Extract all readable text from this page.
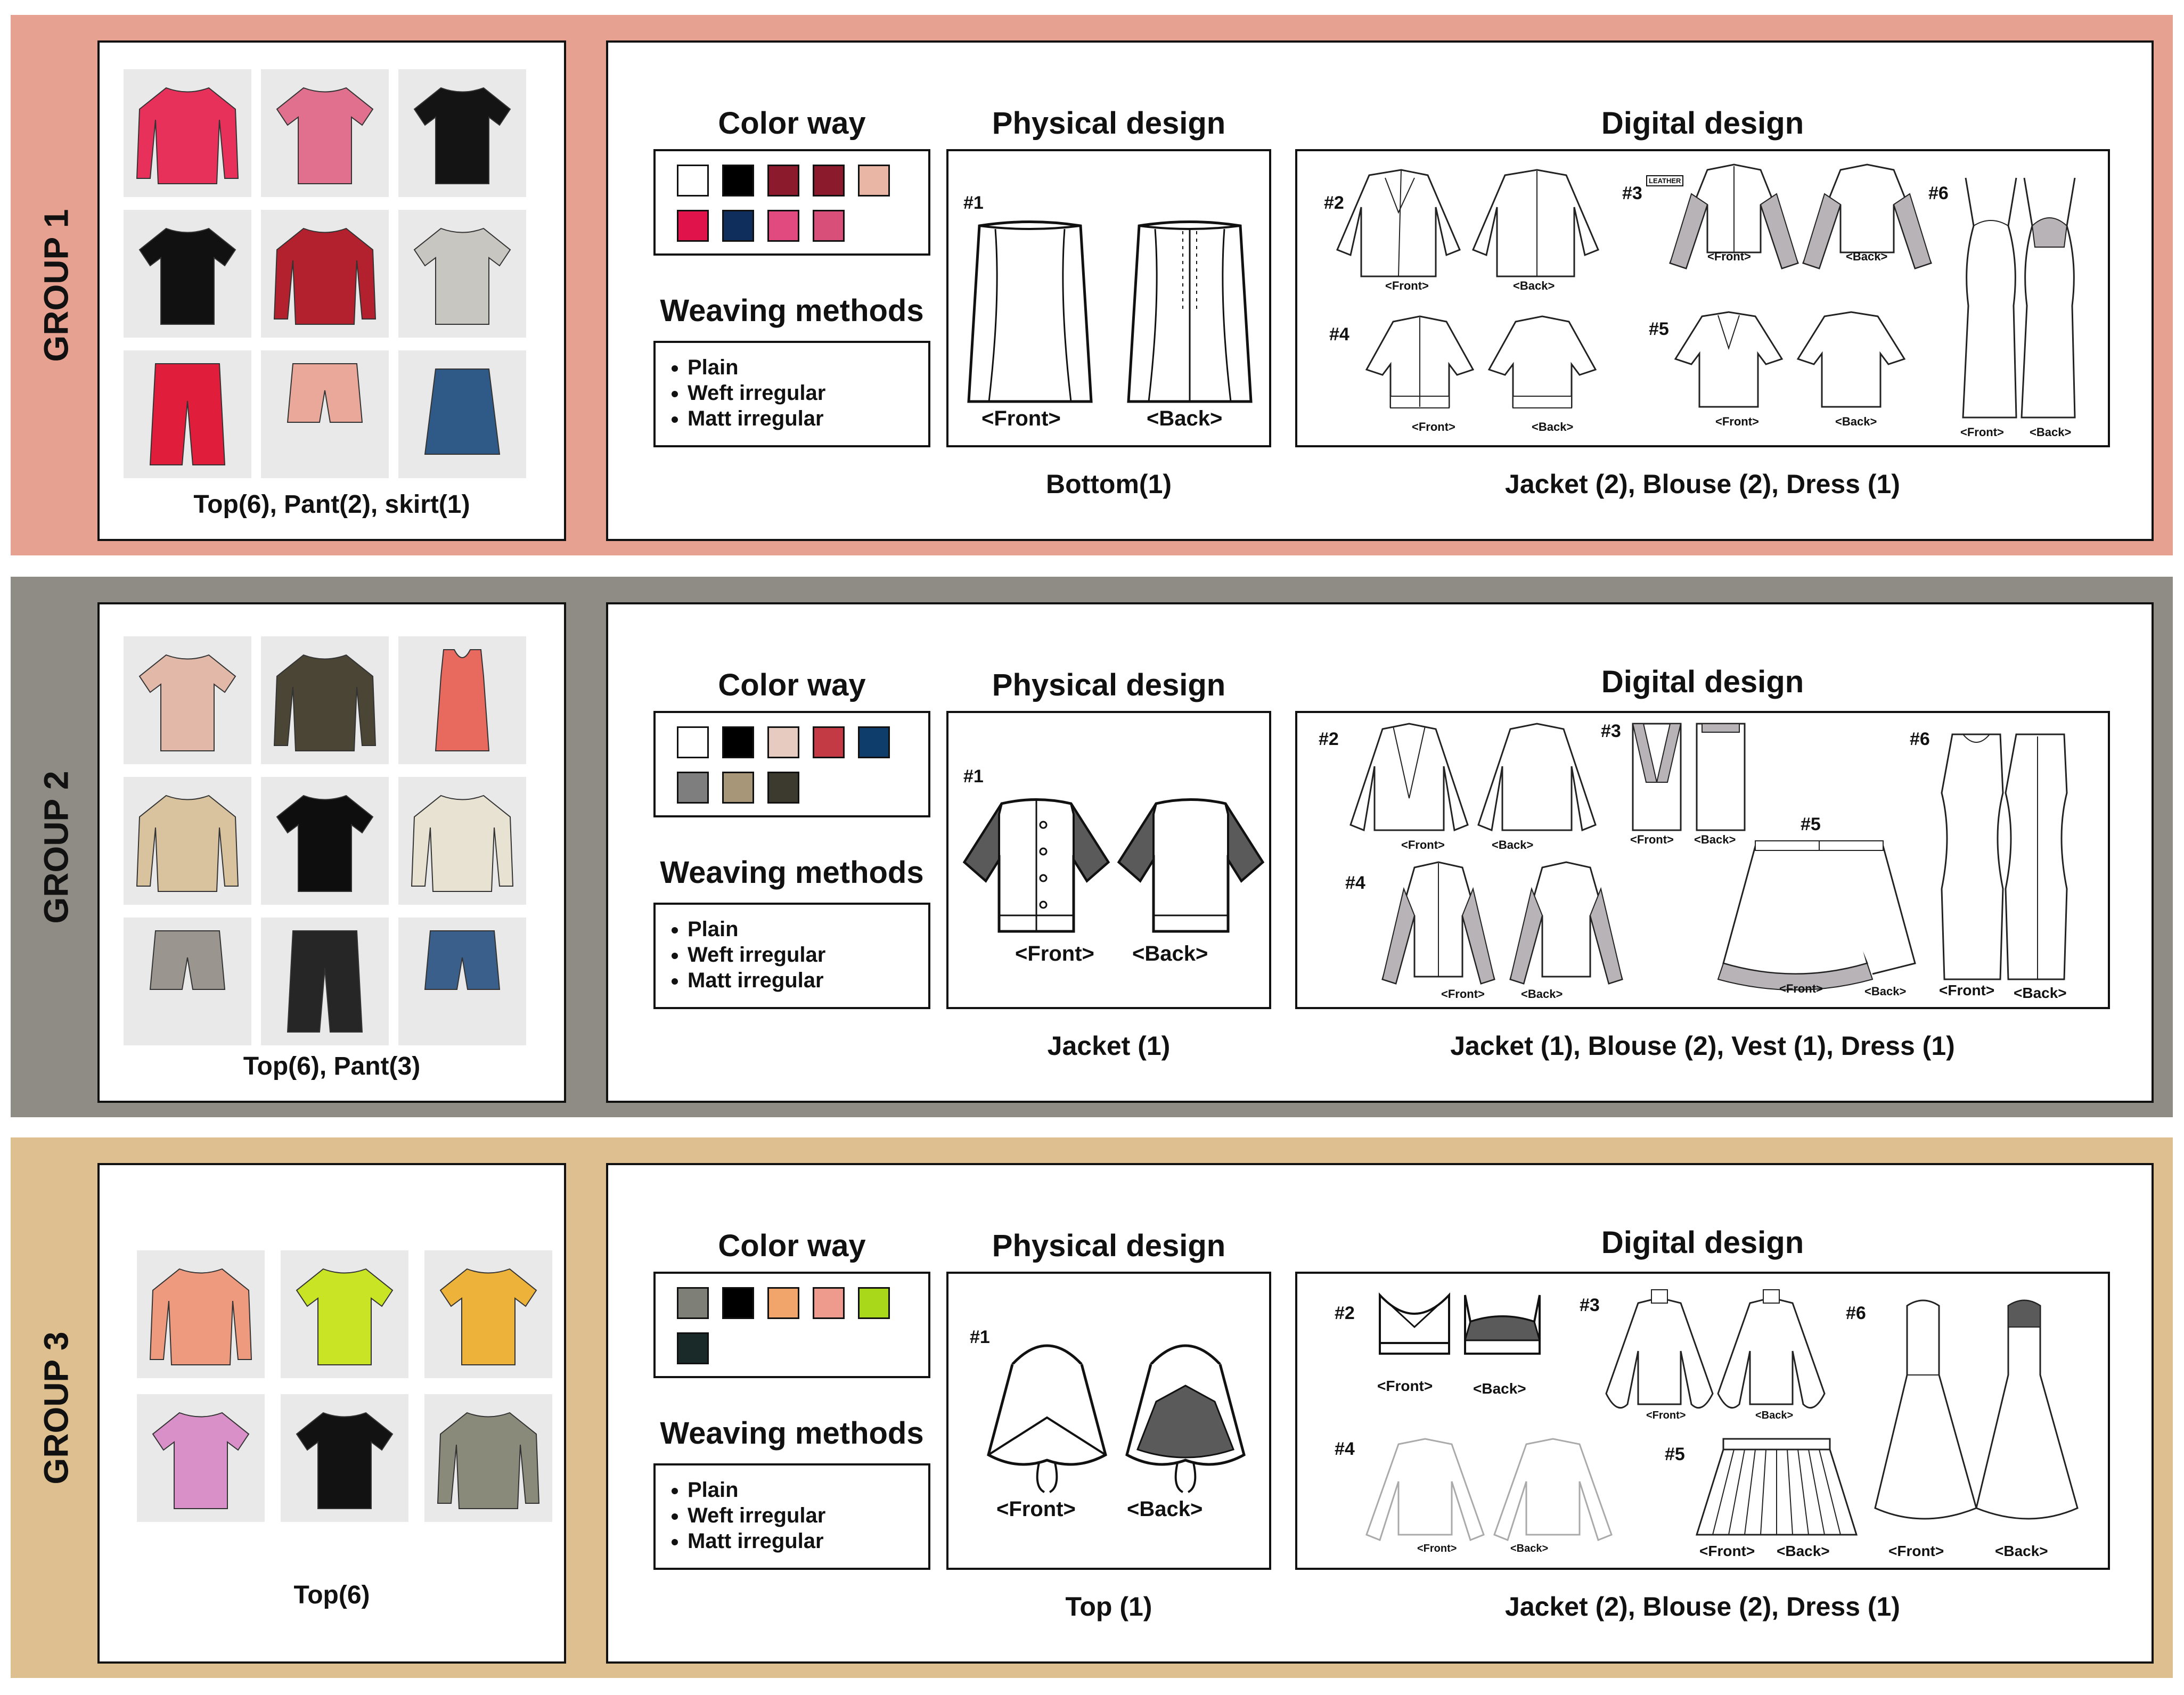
GROUP 1
Top(6), Pant(2), skirt(1)
Color way
Weaving methods
• Plain
• Weft irregular
• Matt irregular
Physical design
#1
<Front>	<Back>
Bottom(1)
Digital design
#2
<Front>	<Back>
#3
LEATHER
<Front>	<Back>
#6
<Front> <Back>
#4
<Front>	<Back>
#5
<Front>	<Back>
Jacket (2), Blouse (2), Dress (1)
GROUP 2
Top(6), Pant(3)
Color way
Weaving methods
• Plain
• Weft irregular
• Matt irregular
Physical design
#1
<Front> <Back>
Jacket (1)
Digital design
#2
<Front>	<Back>
#3
<Front> <Back>
#6
<Front> <Back>
#4
<Front>	<Back>
#5
<Front>	<Back>
Jacket (1), Blouse (2), Vest (1), Dress (1)
GROUP 3
Top(6)
Color way
Weaving methods
• Plain
• Weft irregular
• Matt irregular
Physical design
#1
<Front> <Back>
Top (1)
Digital design
#2
<Front>	<Back>
#3
<Front>	<Back>
#6
<Front>	<Back>
#4
<Front>	<Back>
#5
<Front> <Back>
Jacket (2), Blouse (2), Dress (1)
